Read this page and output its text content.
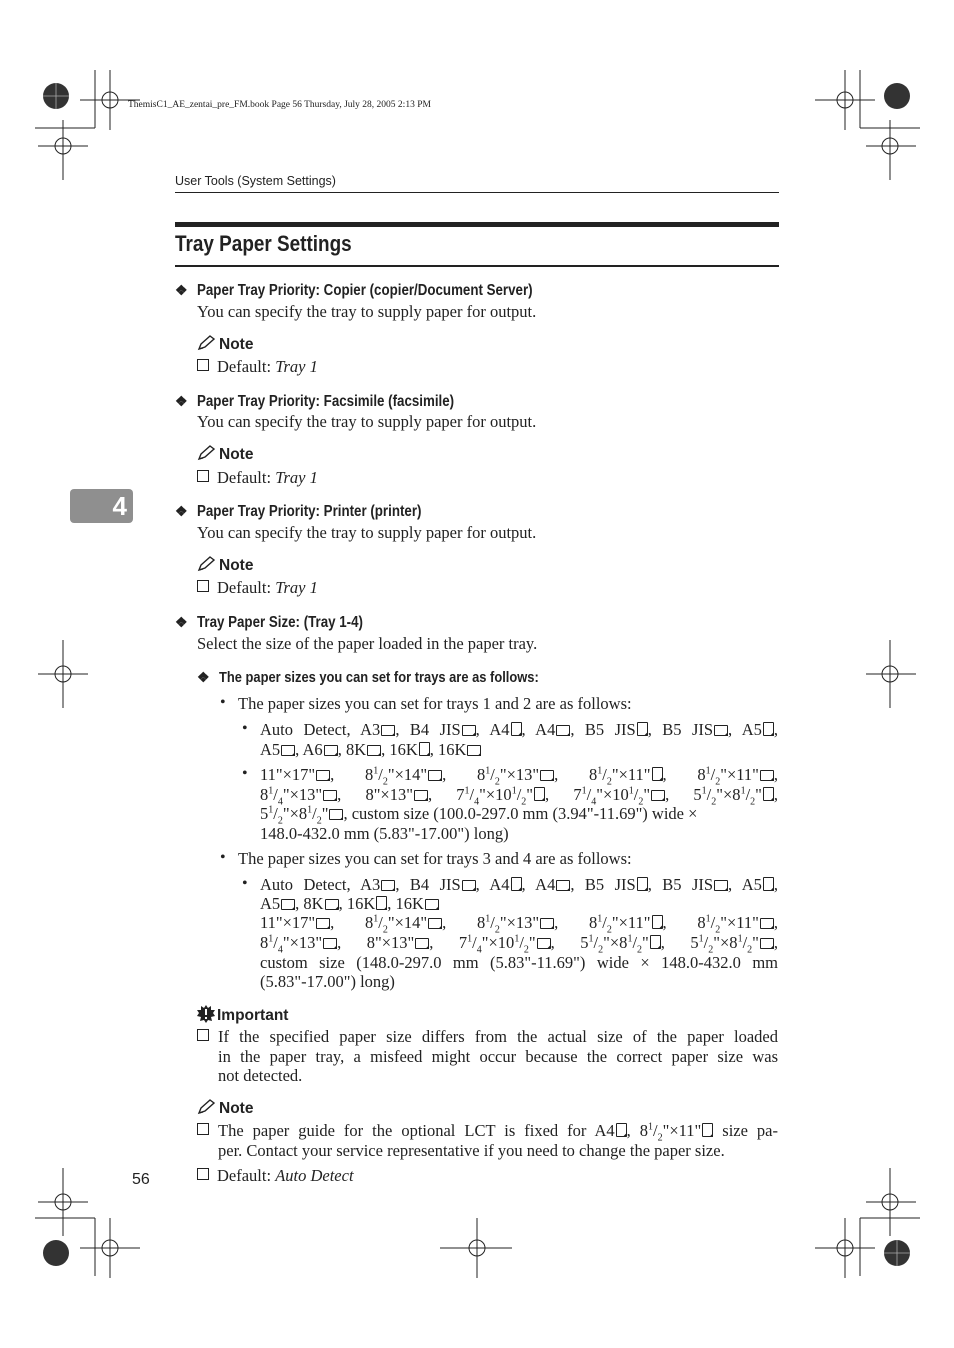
ThemisC1_AE_zentai_pre_FM.book Page 56 Thursday, July 28, 2005 2:13 PM
User Tools (System Settings)
4
Tray Paper Settings
❖ Paper Tray Priority: Copier (copier/Document Server)
You can specify the tray to supply paper for output.
Note
Default: Tray 1
❖ Paper Tray Priority: Facsimile (facsimile)
You can specify the tray to supply paper for output.
Note
Default: Tray 1
❖ Paper Tray Priority: Printer (printer)
You can specify the tray to supply paper for output.
Note
Default: Tray 1
❖ Tray Paper Size: (Tray 1-4)
Select the size of the paper loaded in the paper tray.
❖ The paper sizes you can set for trays are as follows:
• The paper sizes you can set for trays 1 and 2 are as follows:
• Auto Detect, A3 , B4 JIS , A4 , A4 , B5 JIS , B5 JIS , A5 ,
A5 , A6 , 8K , 16K , 16K
• 11"×17" , $8^1/_2"\times 14$" , $8^1/_2"\times 13$" , $8^1/_2"\times 11$" , $8^1/_2"\times 11$" ,
$8^1/_4"\times 13$" , 8"×13" , $7^1/_4"\times 10^1/_2$" , $7^1/_4"\times 10^1/_2$" , $5^1/_2"\times 8^1/_2$" ,
$5^1/_2"\times 8^1/_2$" , custom size (100.0-297.0 mm (3.94"-11.69") wide ×
148.0-432.0 mm (5.83"-17.00") long)
• The paper sizes you can set for trays 3 and 4 are as follows:
• Auto Detect, A3 , B4 JIS , A4 , A4 , B5 JIS , B5 JIS , A5 ,
A5 , 8K , 16K , 16K
11"×17" , $8^1/_2"\times 14$" , $8^1/_2"\times 13$" , $8^1/_2"\times 11$" , $8^1/_2"\times 11$" ,
$8^1/_4"\times 13$" , 8"×13" , $7^1/_4"\times 10^1/_2$" , $5^1/_2"\times 8^1/_2$" , $5^1/_2"\times 8^1/_2$" ,
custom size (148.0-297.0 mm (5.83"-11.69") wide × 148.0-432.0 mm
(5.83"-17.00") long)
Important
If the specified paper size differs from the actual size of the paper loaded
in the paper tray, a misfeed might occur because the correct paper size was
not detected.
Note
The paper guide for the optional LCT is fixed for A4 , $8^1/_2"\times 11$" size pa-
per. Contact your service representative if you need to change the paper size.
Default: Auto Detect
56
